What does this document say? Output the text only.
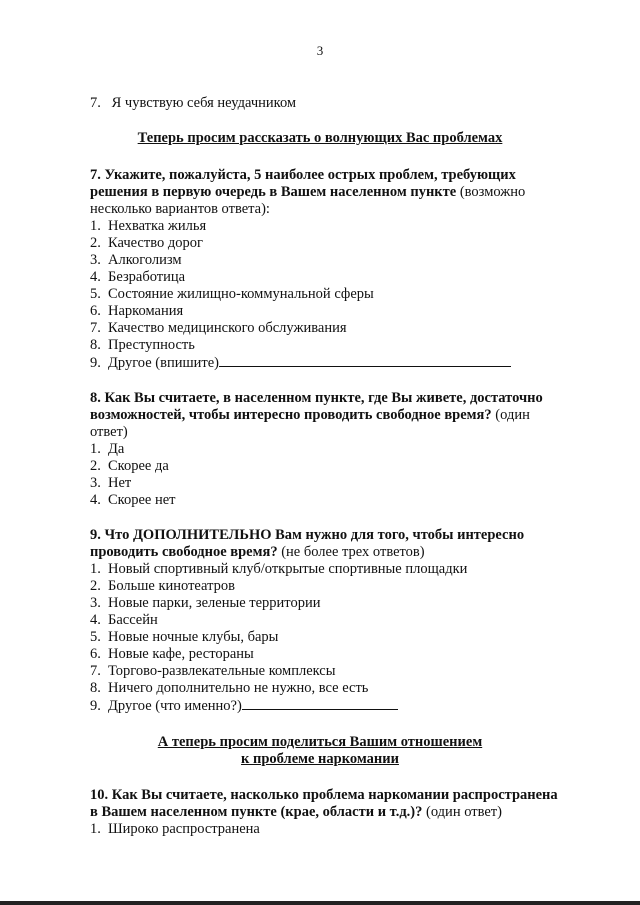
3
7. Я чувствую себя неудачником
Теперь просим рассказать о волнующих Вас проблемах
7. Укажите, пожалуйста, 5 наиболее острых проблем, требующих
решения в первую очередь в Вашем населенном пункте (возможно
несколько вариантов ответа):
1. Нехватка жилья
2. Качество дорог
3. Алкоголизм
4. Безработица
5. Состояние жилищно-коммунальной сферы
6. Наркомания
7. Качество медицинского обслуживания
8. Преступность
9. Другое (впишите)
8. Как Вы считаете, в населенном пункте, где Вы живете, достаточно
возможностей, чтобы интересно проводить свободное время? (один
ответ)
1. Да
2. Скорее да
3. Нет
4. Скорее нет
9. Что ДОПОЛНИТЕЛЬНО Вам нужно для того, чтобы интересно
проводить свободное время? (не более трех ответов)
1. Новый спортивный клуб/открытые спортивные площадки
2. Больше кинотеатров
3. Новые парки, зеленые территории
4. Бассейн
5. Новые ночные клубы, бары
6. Новые кафе, рестораны
7. Торгово-развлекательные комплексы
8. Ничего дополнительно не нужно, все есть
9. Другое (что именно?)
А теперь просим поделиться Вашим отношением
к проблеме наркомании
10. Как Вы считаете, насколько проблема наркомании распространена
в Вашем населенном пункте (крае, области и т.д.)? (один ответ)
1. Широко распространена
